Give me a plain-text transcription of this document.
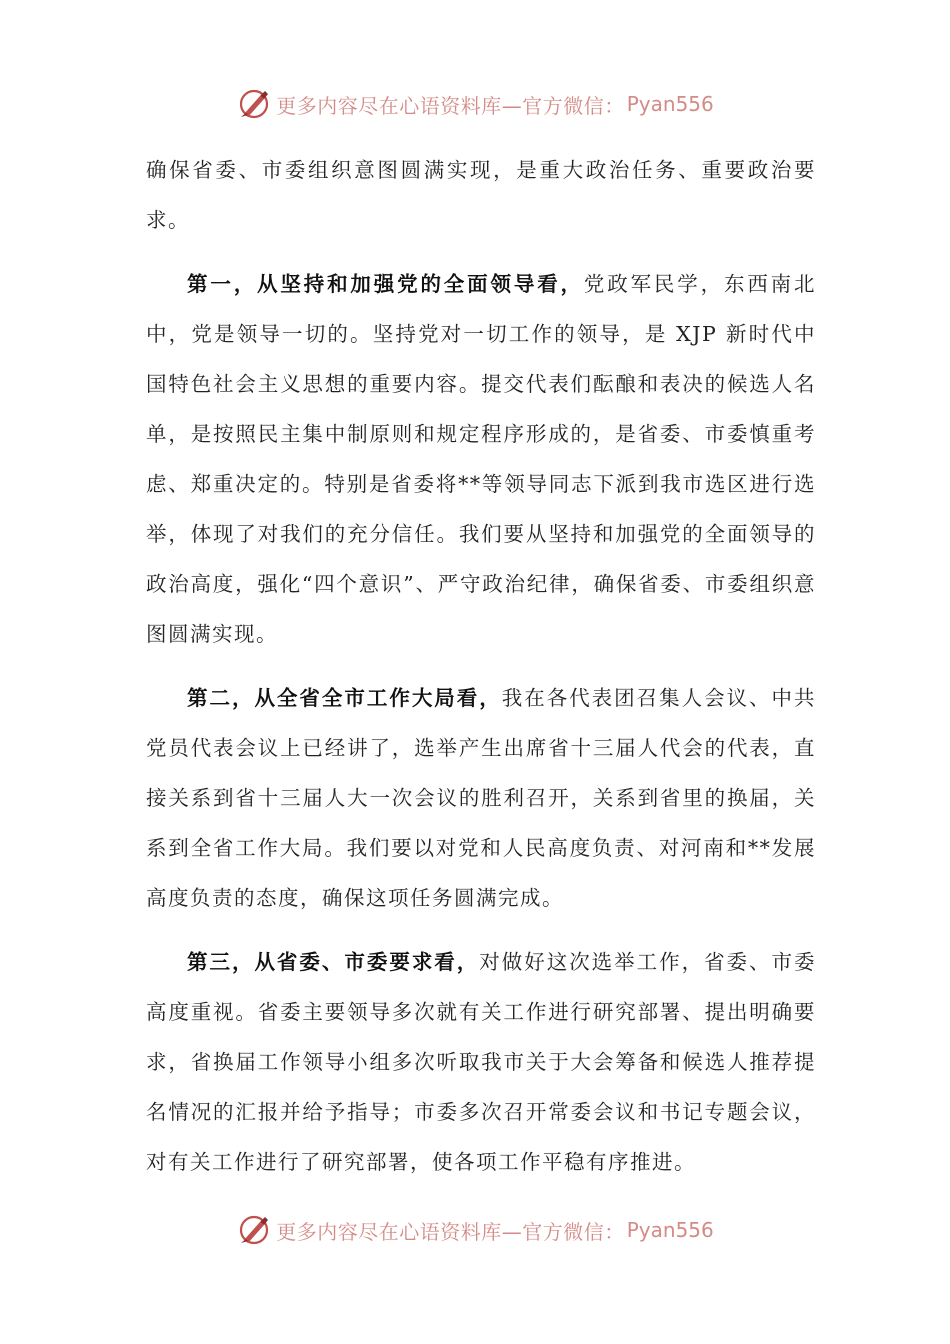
更多内容尽在心语资料库—官方微信： Pyan556

确保省委、市委组织意图圆满实现，是重大政治任务、重要政治要求。

第一，从坚持和加强党的全面领导看，党政军民学，东西南北中，党是领导一切的。坚持党对一切工作的领导，是 XJP 新时代中国特色社会主义思想的重要内容。提交代表们酝酿和表决的候选人名单，是按照民主集中制原则和规定程序形成的，是省委、市委慎重考虑、郑重决定的。特别是省委将**等领导同志下派到我市选区进行选举，体现了对我们的充分信任。我们要从坚持和加强党的全面领导的政治高度，强化“四个意识”、严守政治纪律，确保省委、市委组织意图圆满实现。

第二，从全省全市工作大局看，我在各代表团召集人会议、中共党员代表会议上已经讲了，选举产生出席省十三届人代会的代表，直接关系到省十三届人大一次会议的胜利召开，关系到省里的换届，关系到全省工作大局。我们要以对党和人民高度负责、对河南和**发展高度负责的态度，确保这项任务圆满完成。

第三，从省委、市委要求看，对做好这次选举工作，省委、市委高度重视。省委主要领导多次就有关工作进行研究部署、提出明确要求，省换届工作领导小组多次听取我市关于大会筹备和候选人推荐提名情况的汇报并给予指导；市委多次召开常委会议和书记专题会议，对有关工作进行了研究部署，使各项工作平稳有序推进。

更多内容尽在心语资料库—官方微信： Pyan556
